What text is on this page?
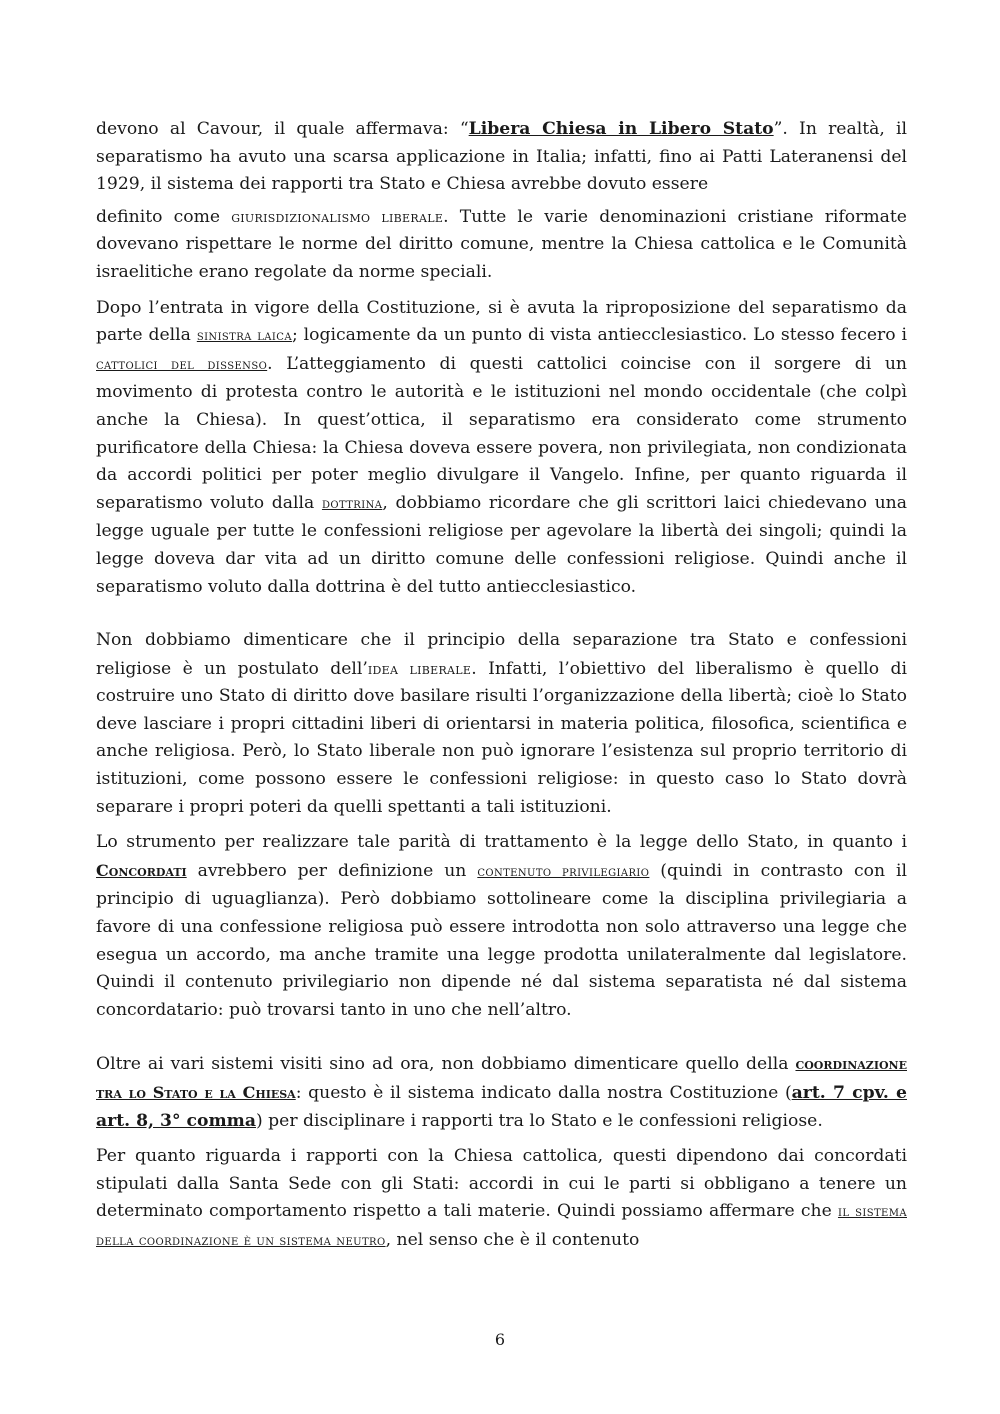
devono al Cavour, il quale affermava: “Libera Chiesa in Libero Stato”. In realtà, il separatismo ha avuto una scarsa applicazione in Italia; infatti, fino ai Patti Lateranensi del 1929, il sistema dei rapporti tra Stato e Chiesa avrebbe dovuto essere

definito come giurisdizionalismo liberale. Tutte le varie denominazioni cristiane riformate dovevano rispettare le norme del diritto comune, mentre la Chiesa cattolica e le Comunità israelitiche erano regolate da norme speciali.

Dopo l’entrata in vigore della Costituzione, si è avuta la riproposizione del separatismo da parte della sinistra laica; logicamente da un punto di vista antiecclesiastico. Lo stesso fecero i cattolici del dissenso. L’atteggiamento di questi cattolici coincise con il sorgere di un movimento di protesta contro le autorità e le istituzioni nel mondo occidentale (che colpì anche la Chiesa). In quest’ottica, il separatismo era considerato come strumento purificatore della Chiesa: la Chiesa doveva essere povera, non privilegiata, non condizionata da accordi politici per poter meglio divulgare il Vangelo. Infine, per quanto riguarda il separatismo voluto dalla dottrina, dobbiamo ricordare che gli scrittori laici chiedevano una legge uguale per tutte le confessioni religiose per agevolare la libertà dei singoli; quindi la legge doveva dar vita ad un diritto comune delle confessioni religiose. Quindi anche il separatismo voluto dalla dottrina è del tutto antiecclesiastico.

Non dobbiamo dimenticare che il principio della separazione tra Stato e confessioni religiose è un postulato dell’idea liberale. Infatti, l’obiettivo del liberalismo è quello di costruire uno Stato di diritto dove basilare risulti l’organizzazione della libertà; cioè lo Stato deve lasciare i propri cittadini liberi di orientarsi in materia politica, filosofica, scientifica e anche religiosa. Però, lo Stato liberale non può ignorare l’esistenza sul proprio territorio di istituzioni, come possono essere le confessioni religiose: in questo caso lo Stato dovrà separare i propri poteri da quelli spettanti a tali istituzioni.

Lo strumento per realizzare tale parità di trattamento è la legge dello Stato, in quanto i Concordati avrebbero per definizione un contenuto privilegiario (quindi in contrasto con il principio di uguaglianza). Però dobbiamo sottolineare come la disciplina privilegiaria a favore di una confessione religiosa può essere introdotta non solo attraverso una legge che esegua un accordo, ma anche tramite una legge prodotta unilateralmente dal legislatore. Quindi il contenuto privilegiario non dipende né dal sistema separatista né dal sistema concordatario: può trovarsi tanto in uno che nell’altro.

Oltre ai vari sistemi visiti sino ad ora, non dobbiamo dimenticare quello della coordinazione tra lo Stato e la Chiesa: questo è il sistema indicato dalla nostra Costituzione (art. 7 cpv. e art. 8, 3° comma) per disciplinare i rapporti tra lo Stato e le confessioni religiose.

Per quanto riguarda i rapporti con la Chiesa cattolica, questi dipendono dai concordati stipulati dalla Santa Sede con gli Stati: accordi in cui le parti si obbligano a tenere un determinato comportamento rispetto a tali materie. Quindi possiamo affermare che il sistema della coordinazione è un sistema neutro, nel senso che è il contenuto

6
